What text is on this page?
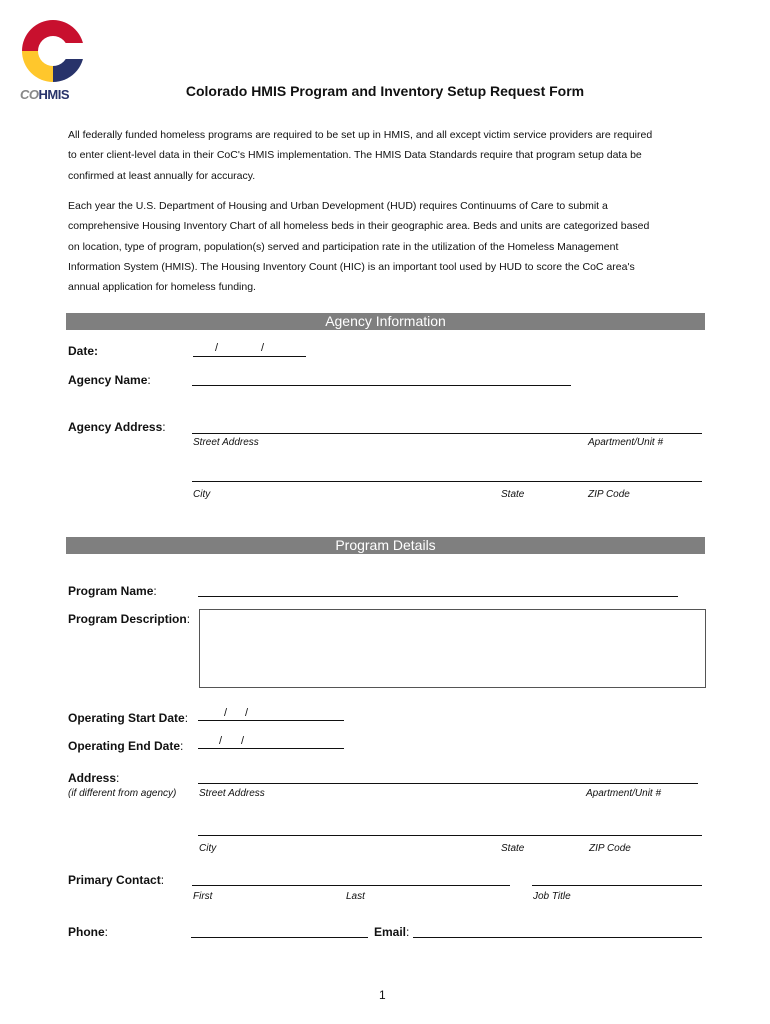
COHMIS	Colorado HMIS Program and Inventory Setup Request Form
All federally funded homeless programs are required to be set up in HMIS, and all except victim service providers are required
to enter client-level data in their CoC's HMIS implementation. The HMIS Data Standards require that program setup data be
confirmed at least annually for accuracy.
Each year the U.S. Department of Housing and Urban Development (HUD) requires Continuums of Care to submit a
comprehensive Housing Inventory Chart of all homeless beds in their geographic area. Beds and units are categorized based
on location, type of program, population(s) served and participation rate in the utilization of the Homeless Management
Information System (HMIS). The Housing Inventory Count (HIC) is an important tool used by HUD to score the CoC area's
annual application for homeless funding.
Agency Information
Date:	/	/
Agency Name:
Agency Address:
Street Address	Apartment/Unit #
City	State	ZIP Code
Program Details
Program Name:
Program Description:
Operating Start Date:	/ /
Operating End Date:	/ /
Address:
(if different from agency) Street Address	Apartment/Unit #
City	State	ZIP Code
Primary Contact:
First	Last	Job Title
Phone:	Email:
1
